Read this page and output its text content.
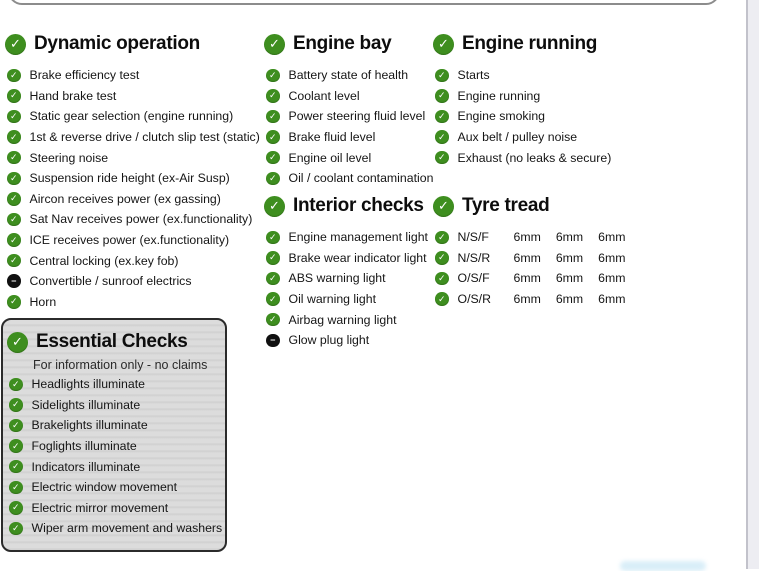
✓ Dynamic operation
✓ Brake efficiency test
✓ Hand brake test
✓ Static gear selection (engine running)
✓ 1st & reverse drive / clutch slip test (static)
✓ Steering noise
✓ Suspension ride height (ex-Air Susp)
✓ Aircon receives power (ex gassing)
✓ Sat Nav receives power (ex.functionality)
✓ ICE receives power (ex.functionality)
✓ Central locking (ex.key fob)
−	Convertible / sunroof electrics
✓ Horn
✓ Engine bay
✓ Battery state of health
✓ Coolant level
✓ Power steering fluid level
✓ Brake fluid level
✓ Engine oil level
✓ Oil / coolant contamination
✓ Engine running
✓ Starts
✓ Engine running
✓ Engine smoking
✓ Aux belt / pulley noise
✓ Exhaust (no leaks & secure)
✓ Interior checks
✓ Engine management light
✓ Brake wear indicator light
✓ ABS warning light
✓ Oil warning light
✓ Airbag warning light
−	Glow plug light
✓ Tyre tread
✓ N/S/F	6mm 6mm 6mm
✓ N/S/R	6mm 6mm 6mm
✓ O/S/F	6mm 6mm 6mm
✓ O/S/R	6mm 6mm 6mm
✓ Essential Checks
For information only - no claims
✓ Headlights illuminate
✓ Sidelights illuminate
✓ Brakelights illuminate
✓ Foglights illuminate
✓ Indicators illuminate
✓ Electric window movement
✓ Electric mirror movement
✓ Wiper arm movement and washers
